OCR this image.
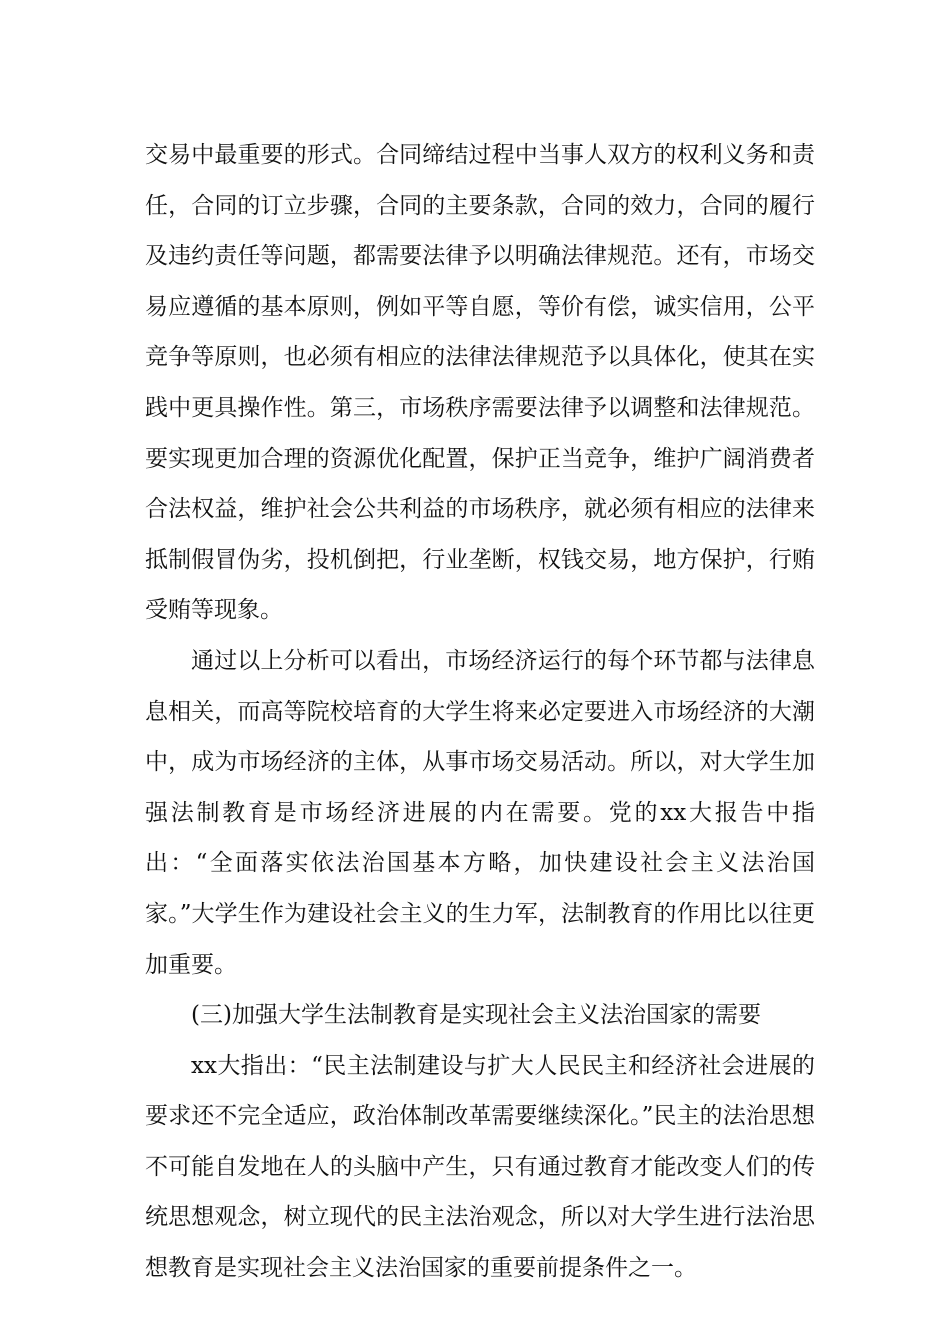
交易中最重要的形式。合同缔结过程中当事人双方的权利义务和责任，合同的订立步骤，合同的主要条款，合同的效力，合同的履行及违约责任等问题，都需要法律予以明确法律规范。还有，市场交易应遵循的基本原则，例如平等自愿，等价有偿，诚实信用，公平竞争等原则，也必须有相应的法律法律规范予以具体化，使其在实践中更具操作性。第三，市场秩序需要法律予以调整和法律规范。要实现更加合理的资源优化配置，保护正当竞争，维护广阔消费者合法权益，维护社会公共利益的市场秩序，就必须有相应的法律来抵制假冒伪劣，投机倒把，行业垄断，权钱交易，地方保护，行贿受贿等现象。

通过以上分析可以看出，市场经济运行的每个环节都与法律息息相关，而高等院校培育的大学生将来必定要进入市场经济的大潮中，成为市场经济的主体，从事市场交易活动。所以，对大学生加强法制教育是市场经济进展的内在需要。党的xx大报告中指出：“全面落实依法治国基本方略，加快建设社会主义法治国家。”大学生作为建设社会主义的生力军，法制教育的作用比以往更加重要。

(三)加强大学生法制教育是实现社会主义法治国家的需要

xx大指出：“民主法制建设与扩大人民民主和经济社会进展的要求还不完全适应，政治体制改革需要继续深化。”民主的法治思想不可能自发地在人的头脑中产生，只有通过教育才能改变人们的传统思想观念，树立现代的民主法治观念，所以对大学生进行法治思想教育是实现社会主义法治国家的重要前提条件之一。
